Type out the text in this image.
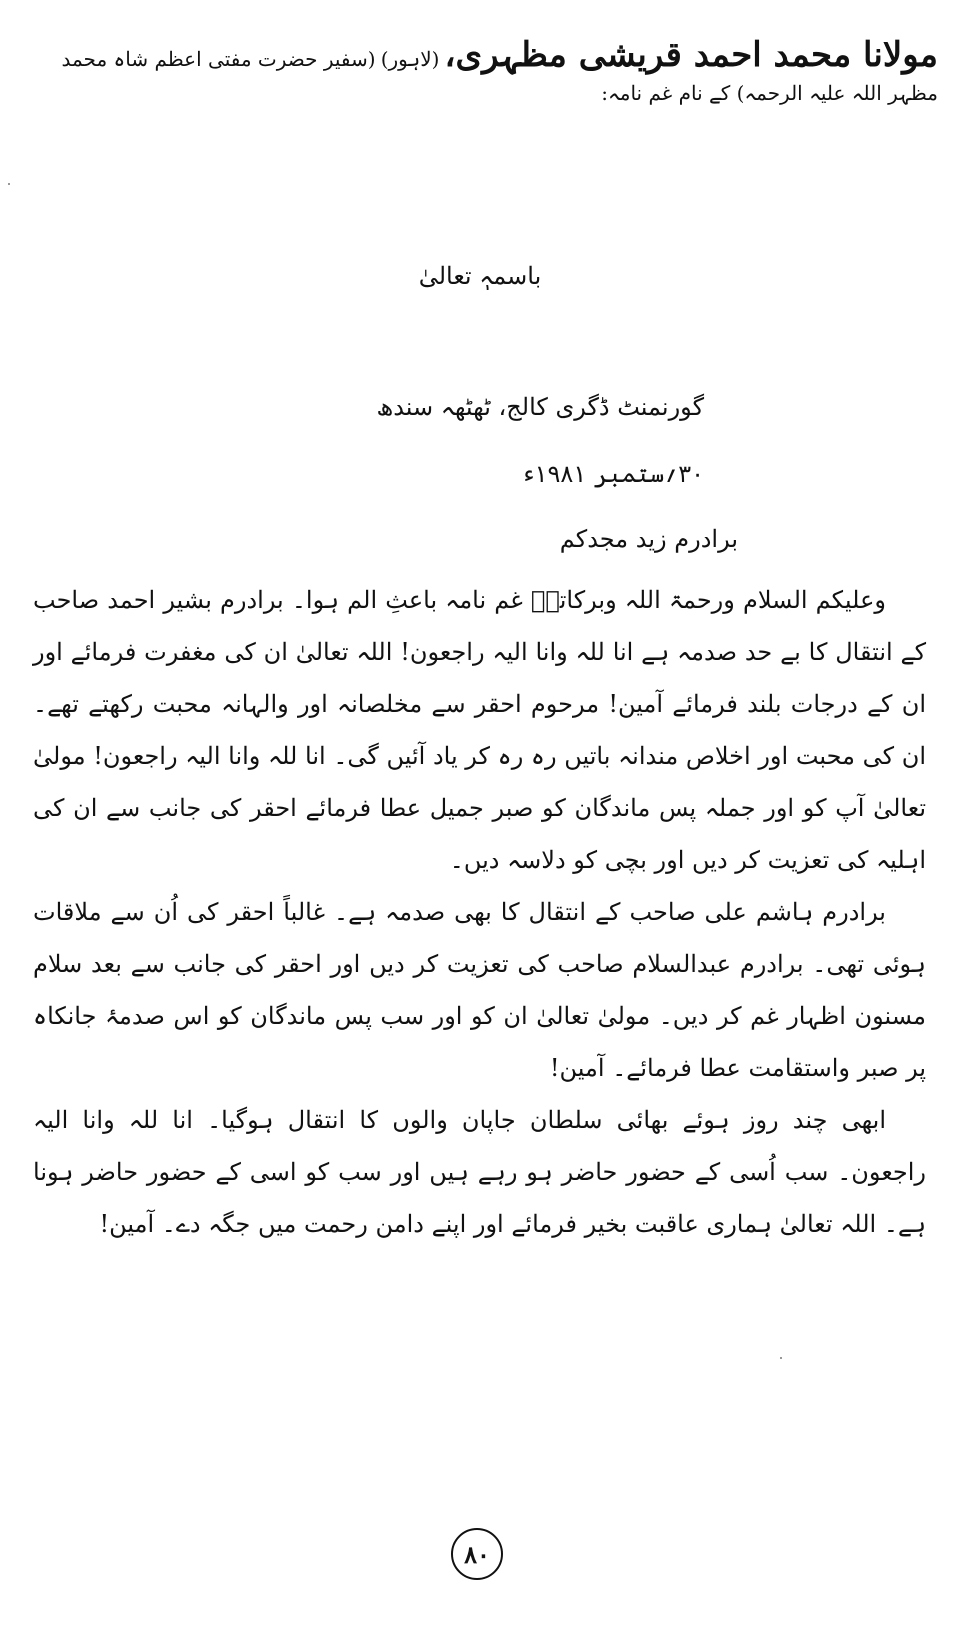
مولانا محمد احمد قریشی مظہری، (لاہور) (سفیر حضرت مفتی اعظم شاہ محمد
مظہر اللہ علیہ الرحمہ) کے نام غم نامہ:
باسمہٖ تعالیٰ
گورنمنٹ ڈگری کالج، ٹھٹھہ سندھ
۳۰؍ستمبر ۱۹۸۱ء
برادرم زید مجدکم

وعلیکم السلام ورحمۃ اللہ وبرکاتہٗ غم نامہ باعثِ الم ہوا۔ برادرم بشیر احمد صاحب کے انتقال کا بے حد صدمہ ہے انا للہ وانا الیہ راجعون! اللہ تعالیٰ ان کی مغفرت فرمائے اور ان کے درجات بلند فرمائے آمین! مرحوم احقر سے مخلصانہ اور والہانہ محبت رکھتے تھے۔ ان کی محبت اور اخلاص مندانہ باتیں رہ رہ کر یاد آئیں گی۔ انا للہ وانا الیہ راجعون! مولیٰ تعالیٰ آپ کو اور جملہ پس ماندگان کو صبر جمیل عطا فرمائے احقر کی جانب سے ان کی اہلیہ کی تعزیت کر دیں اور بچی کو دلاسہ دیں۔

برادرم ہاشم علی صاحب کے انتقال کا بھی صدمہ ہے۔ غالباً احقر کی اُن سے ملاقات ہوئی تھی۔ برادرم عبدالسلام صاحب کی تعزیت کر دیں اور احقر کی جانب سے بعد سلام مسنون اظہار غم کر دیں۔ مولیٰ تعالیٰ ان کو اور سب پس ماندگان کو اس صدمۂ جانکاہ پر صبر واستقامت عطا فرمائے۔ آمین!

ابھی چند روز ہوئے بھائی سلطان جاپان والوں کا انتقال ہوگیا۔ انا للہ وانا الیہ راجعون۔ سب اُسی کے حضور حاضر ہو رہے ہیں اور سب کو اسی کے حضور حاضر ہونا ہے۔ اللہ تعالیٰ ہماری عاقبت بخیر فرمائے اور اپنے دامن رحمت میں جگہ دے۔ آمین!

۸۰
